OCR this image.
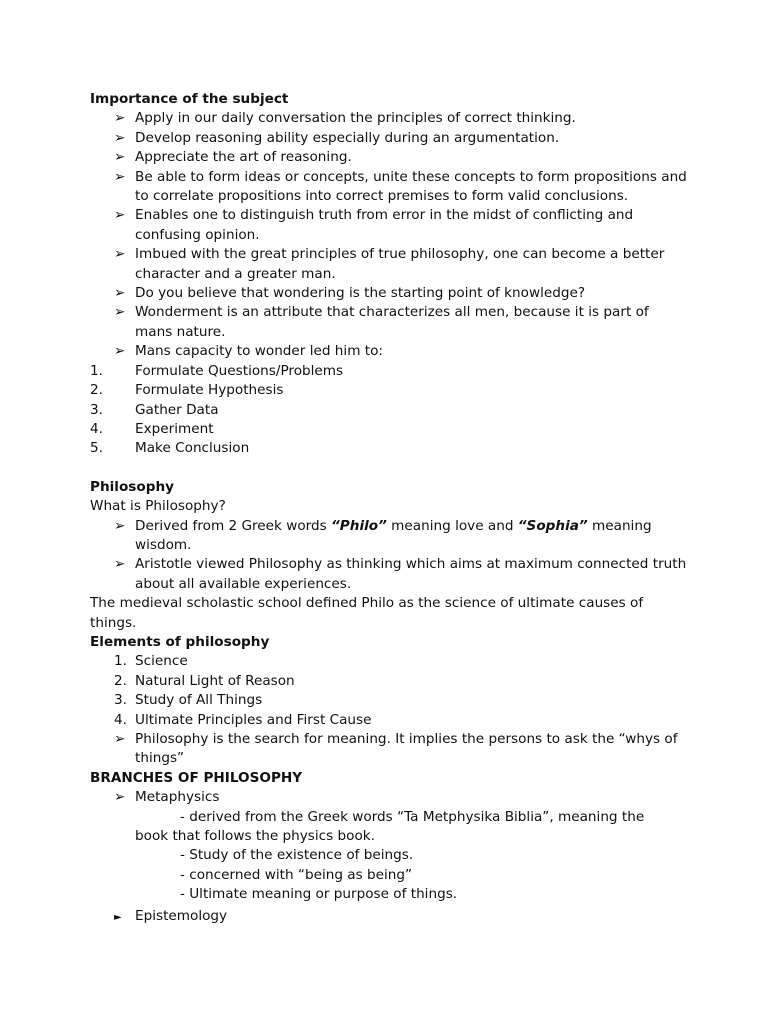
Importance of the subject
➢ Apply in our daily conversation the principles of correct thinking.
➢ Develop reasoning ability especially during an argumentation.
➢ Appreciate the art of reasoning.
➢ Be able to form ideas or concepts, unite these concepts to form propositions and to correlate propositions into correct premises to form valid conclusions.
➢ Enables one to distinguish truth from error in the midst of conflicting and confusing opinion.
➢ Imbued with the great principles of true philosophy, one can become a better character and a greater man.
➢ Do you believe that wondering is the starting point of knowledge?
➢ Wonderment is an attribute that characterizes all men, because it is part of mans nature.
➢ Mans capacity to wonder led him to:
1.	Formulate Questions/Problems
2.	Formulate Hypothesis
3.	Gather Data
4.	Experiment
5.	Make Conclusion
Philosophy
What is Philosophy?
➢ Derived from 2 Greek words “Philo” meaning love and “Sophia” meaning wisdom.
➢ Aristotle viewed Philosophy as thinking which aims at maximum connected truth about all available experiences.
The medieval scholastic school defined Philo as the science of ultimate causes of things.
Elements of philosophy
1. Science
2. Natural Light of Reason
3. Study of All Things
4. Ultimate Principles and First Cause
➢ Philosophy is the search for meaning. It implies the persons to ask the “whys of things”
BRANCHES OF PHILOSOPHY
➢ Metaphysics
- derived from the Greek words “Ta Metphysika Biblia”, meaning the
book that follows the physics book.
- Study of the existence of beings.
- concerned with “being as being”
- Ultimate meaning or purpose of things.
► Epistemology
